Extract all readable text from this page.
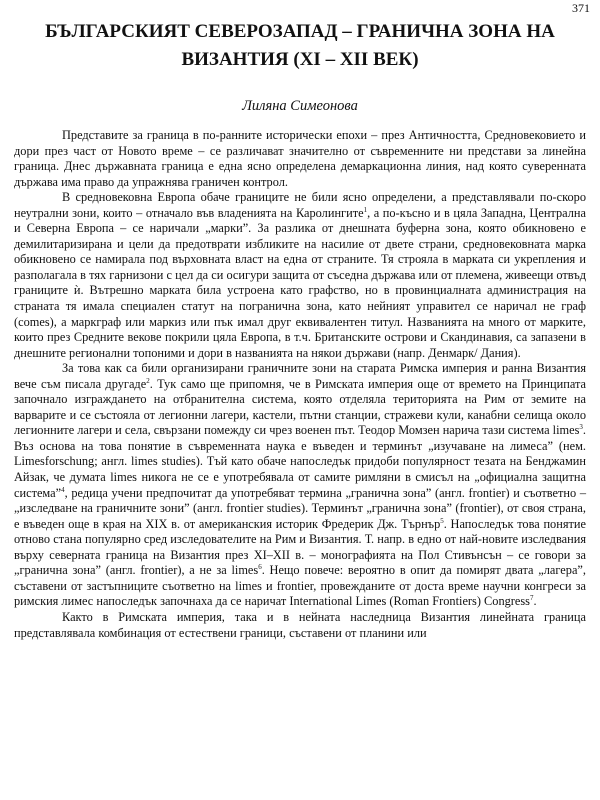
371
БЪЛГАРСКИЯТ СЕВЕРОЗАПАД – ГРАНИЧНА ЗОНА НА
ВИЗАНТИЯ (XI – XII ВЕК)
Лиляна Симеонова

Представите за граница в по-ранните исторически епохи – през Античността, Средновековието и дори през част от Новото време – се различават значително от съвременните ни представи за линейна граница. Днес държавната граница е една ясно определена демаркационна линия, над която суверенната държава има право да упражнява граничен контрол.

В средновековна Европа обаче границите не били ясно определени, а представлявали по-скоро неутрални зони, които – отначало във владенията на Каролингите$^1$, а по-късно и в цяла Западна, Централна и Северна Европа – се наричали „марки”. За разлика от днешната буферна зона, която обикновено е демилитаризирана и цели да предотврати избликите на насилие от двете страни, средновековната марка обикновено се намирала под върховната власт на една от страните. Тя строяла в марката си укрепления и разполагала в тях гарнизони с цел да си осигури защита от съседна държава или от племена, живеещи отвъд границите ѝ. Вътрешно марката била устроена като графство, но в провинциалната администрация на страната тя имала специален статут на погранична зона, като нейният управител се наричал не граф (comes), а маркграф или маркиз или пък имал друг еквивалентен титул. Названията на много от марките, които през Средните векове покрили цяла Европа, в т.ч. Британските острови и Скандинавия, са запазени в днешните регионални топоними и дори в названията на някои държави (напр. Денмарк/ Дания).

За това как са били организирани граничните зони на старата Римска империя и ранна Византия вече съм писала другаде$^2$. Тук само ще припомня, че в Римската империя още от времето на Принципата започнало изграждането на отбранителна система, която отделяла територията на Рим от земите на варварите и се състояла от легионни лагери, кастели, пътни станции, стражеви кули, канабни селища около легионните лагери и села, свързани помежду си чрез военен път. Теодор Момзен нарича тази система limes$^3$. Въз основа на това понятие в съвременната наука е въведен и терминът „изучаване на лимеса” (нем. Limesforschung; англ. limes studies). Тъй като обаче напоследък придоби популярност тезата на Бенджамин Айзак, че думата limes никога не се е употребявала от самите римляни в смисъл на „официална защитна система”$^4$, редица учени предпочитат да употребяват термина „гранична зона” (англ. frontier) и съответно –„изследване на граничните зони” (англ. frontier studies). Терминът „гранична зона” (frontier), от своя страна, е въведен още в края на XIX в. от американския историк Фредерик Дж. Търнър$^5$. Напоследък това понятие отново стана популярно сред изследователите на Рим и Византия. Т. напр. в едно от най-новите изследвания върху северната граница на Византия през XI–XII в. – монографията на Пол Стивънсън – се говори за „гранична зона” (англ. frontier), а не за limes$^6$. Нещо повече: вероятно в опит да помирят двата „лагера”, съставени от застъпниците съответно на limes и frontier, провежданите от доста време научни конгреси за римския лимес напоследък започнаха да се наричат International Limes (Roman Frontiers) Congress$^7$.

Както в Римската империя, така и в нейната наследница Византия линейната граница представлявала комбинация от естествени граници, съставени от планини или
